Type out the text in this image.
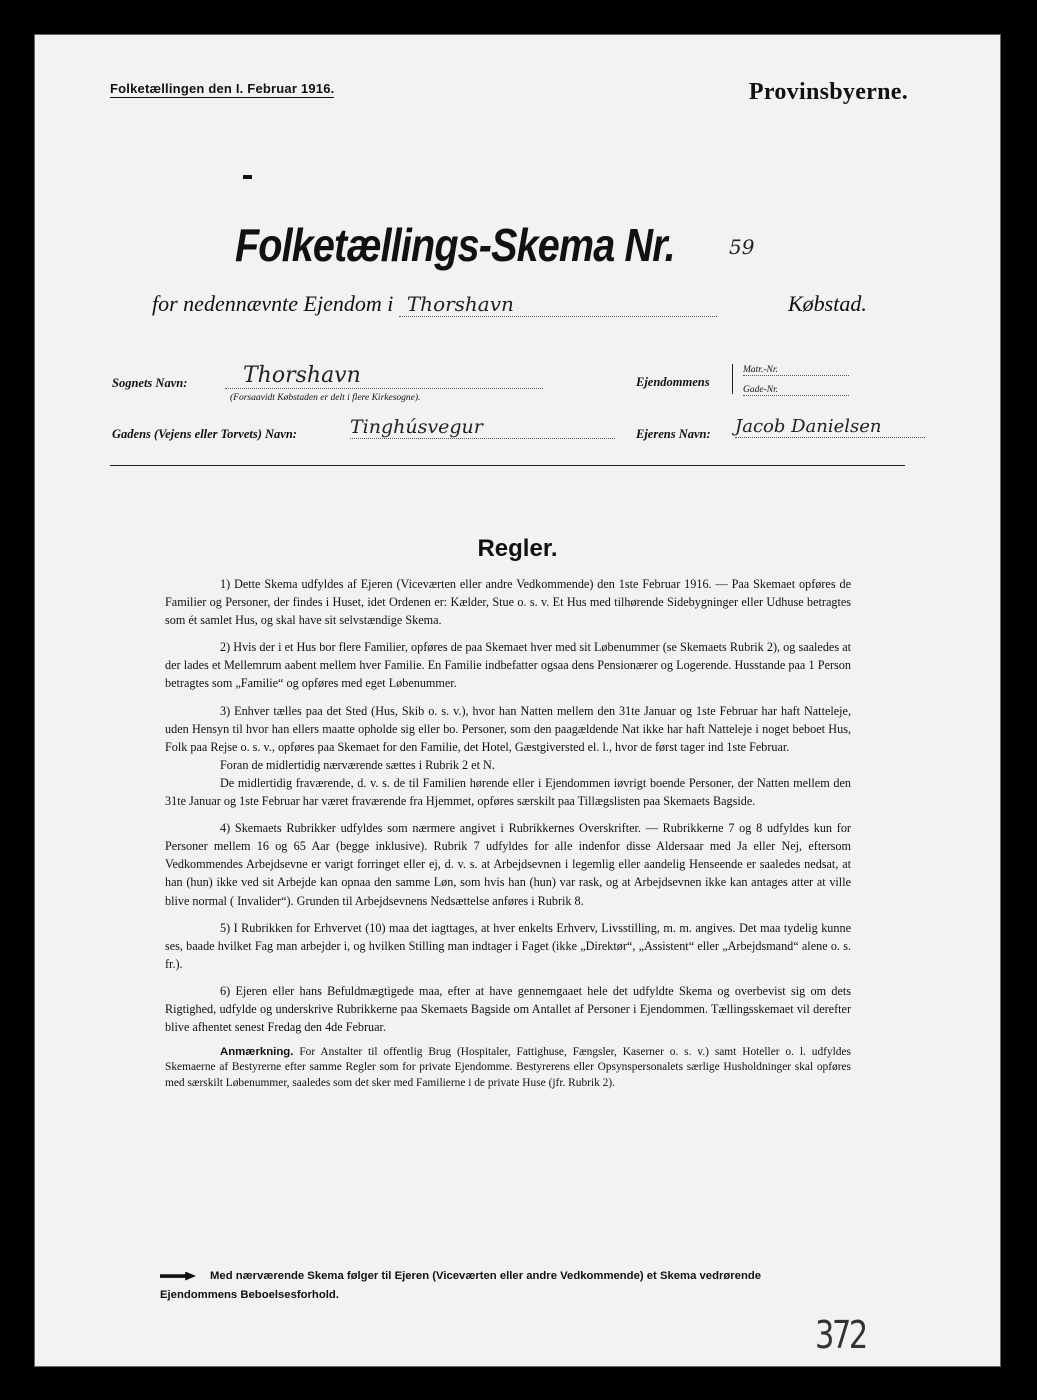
Folketællingen den I. Februar 1916.	Provinsbyerne.
Folketællings-Skema Nr.	59
for nedennævnte Ejendom i Thorshavn	Købstad.
Sognets Navn:	Thorshavn
(Forsaavidt Købstaden er delt i flere Kirkesogne).
Ejendommens
Matr.-Nr.
Gade-Nr.
Gadens (Vejens eller Torvets) Navn:	Tinghúsvegur	Ejerens Navn: Jacob Danielsen
Regler.

1) Dette Skema udfyldes af Ejeren (Viceværten eller andre Vedkommende) den 1ste Februar 1916. — Paa Skemaet opføres de Familier og Personer, der findes i Huset, idet Ordenen er: Kælder, Stue o. s. v. Et Hus med tilhørende Sidebygninger eller Udhuse betragtes som ét samlet Hus, og skal have sit selvstændige Skema.

2) Hvis der i et Hus bor flere Familier, opføres de paa Skemaet hver med sit Løbenummer (se Skemaets Rubrik 2), og saaledes at der lades et Mellemrum aabent mellem hver Familie. En Familie indbefatter ogsaa dens Pensionærer og Logerende. Husstande paa 1 Person betragtes som „Familie“ og opføres med eget Løbenummer.

3) Enhver tælles paa det Sted (Hus, Skib o. s. v.), hvor han Natten mellem den 31te Januar og 1ste Februar har haft Natteleje, uden Hensyn til hvor han ellers maatte opholde sig eller bo. Personer, som den paagældende Nat ikke har haft Natteleje i noget beboet Hus, Folk paa Rejse o. s. v., opføres paa Skemaet for den Familie, det Hotel, Gæstgiversted el. l., hvor de først tager ind 1ste Februar.

Foran de midlertidig nærværende sættes i Rubrik 2 et N.

De midlertidig fraværende, d. v. s. de til Familien hørende eller i Ejendommen iøvrigt boende Personer, der Natten mellem den 31te Januar og 1ste Februar har været fraværende fra Hjemmet, opføres særskilt paa Tillægslisten paa Skemaets Bagside.

4) Skemaets Rubrikker udfyldes som nærmere angivet i Rubrikkernes Overskrifter. — Rubrikkerne 7 og 8 udfyldes kun for Personer mellem 16 og 65 Aar (begge inklusive). Rubrik 7 udfyldes for alle indenfor disse Aldersaar med Ja eller Nej, eftersom Vedkommendes Arbejdsevne er varigt forringet eller ej, d. v. s. at Arbejdsevnen i legemlig eller aandelig Henseende er saaledes nedsat, at han (hun) ikke ved sit Arbejde kan opnaa den samme Løn, som hvis han (hun) var rask, og at Arbejdsevnen ikke kan antages atter at ville blive normal ( Invalider“). Grunden til Arbejdsevnens Nedsættelse anføres i Rubrik 8.

5) I Rubrikken for Erhvervet (10) maa det iagttages, at hver enkelts Erhverv, Livsstilling, m. m. angives. Det maa tydelig kunne ses, baade hvilket Fag man arbejder i, og hvilken Stilling man indtager i Faget (ikke „Direktør“, „Assistent“ eller „Arbejdsmand“ alene o. s. fr.).

6) Ejeren eller hans Befuldmægtigede maa, efter at have gennemgaaet hele det udfyldte Skema og overbevist sig om dets Rigtighed, udfylde og underskrive Rubrikkerne paa Skemaets Bagside om Antallet af Personer i Ejendommen. Tællingsskemaet vil derefter blive afhentet senest Fredag den 4de Februar.

Anmærkning. For Anstalter til offentlig Brug (Hospitaler, Fattighuse, Fængsler, Kaserner o. s. v.) samt Hoteller o. l. udfyldes Skemaerne af Bestyrerne efter samme Regler som for private Ejendomme. Bestyrerens eller Opsynspersonalets særlige Husholdninger skal opføres med særskilt Løbenummer, saaledes som det sker med Familierne i de private Huse (jfr. Rubrik 2).

Med nærværende Skema følger til Ejeren (Viceværten eller andre Vedkommende) et Skema vedrørende
Ejendommens Beboelsesforhold.
372
